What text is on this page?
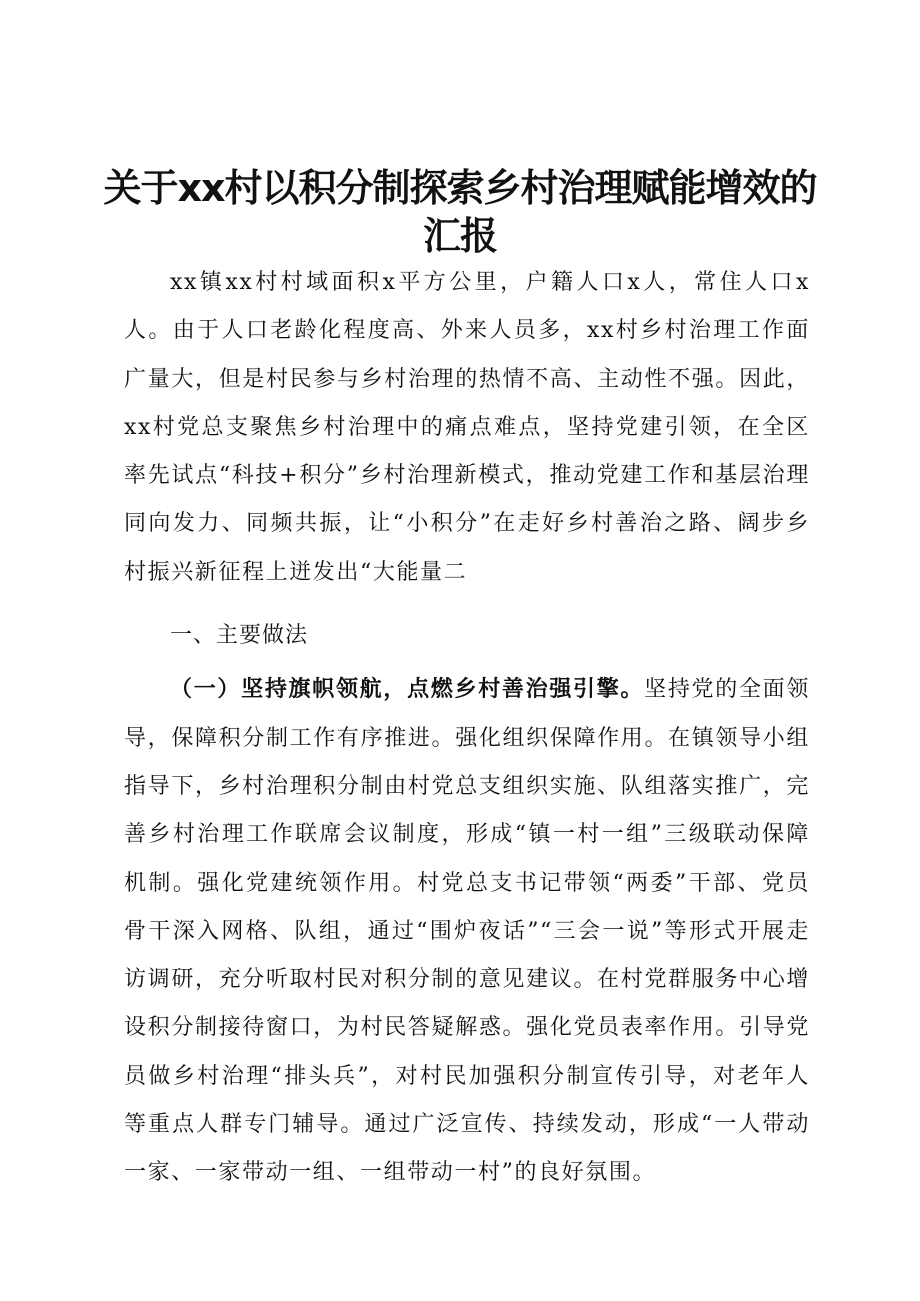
关于xx村以积分制探索乡村治理赋能增效的
汇报

xx镇xx村村域面积x平方公里，户籍人口x人，常住人口x人。由于人口老龄化程度高、外来人员多，xx村乡村治理工作面广量大，但是村民参与乡村治理的热情不高、主动性不强。因此，xx村党总支聚焦乡村治理中的痛点难点，坚持党建引领，在全区率先试点“科技+积分”乡村治理新模式，推动党建工作和基层治理同向发力、同频共振，让“小积分”在走好乡村善治之路、阔步乡村振兴新征程上迸发出“大能量二

一、主要做法

（一）坚持旗帜领航，点燃乡村善治强引擎。坚持党的全面领导，保障积分制工作有序推进。强化组织保障作用。在镇领导小组指导下，乡村治理积分制由村党总支组织实施、队组落实推广，完善乡村治理工作联席会议制度，形成“镇一村一组”三级联动保障机制。强化党建统领作用。村党总支书记带领“两委”干部、党员骨干深入网格、队组，通过“围炉夜话”“三会一说”等形式开展走访调研，充分听取村民对积分制的意见建议。在村党群服务中心增设积分制接待窗口，为村民答疑解惑。强化党员表率作用。引导党员做乡村治理“排头兵”，对村民加强积分制宣传引导，对老年人等重点人群专门辅导。通过广泛宣传、持续发动，形成“一人带动一家、一家带动一组、一组带动一村”的良好氛围。
